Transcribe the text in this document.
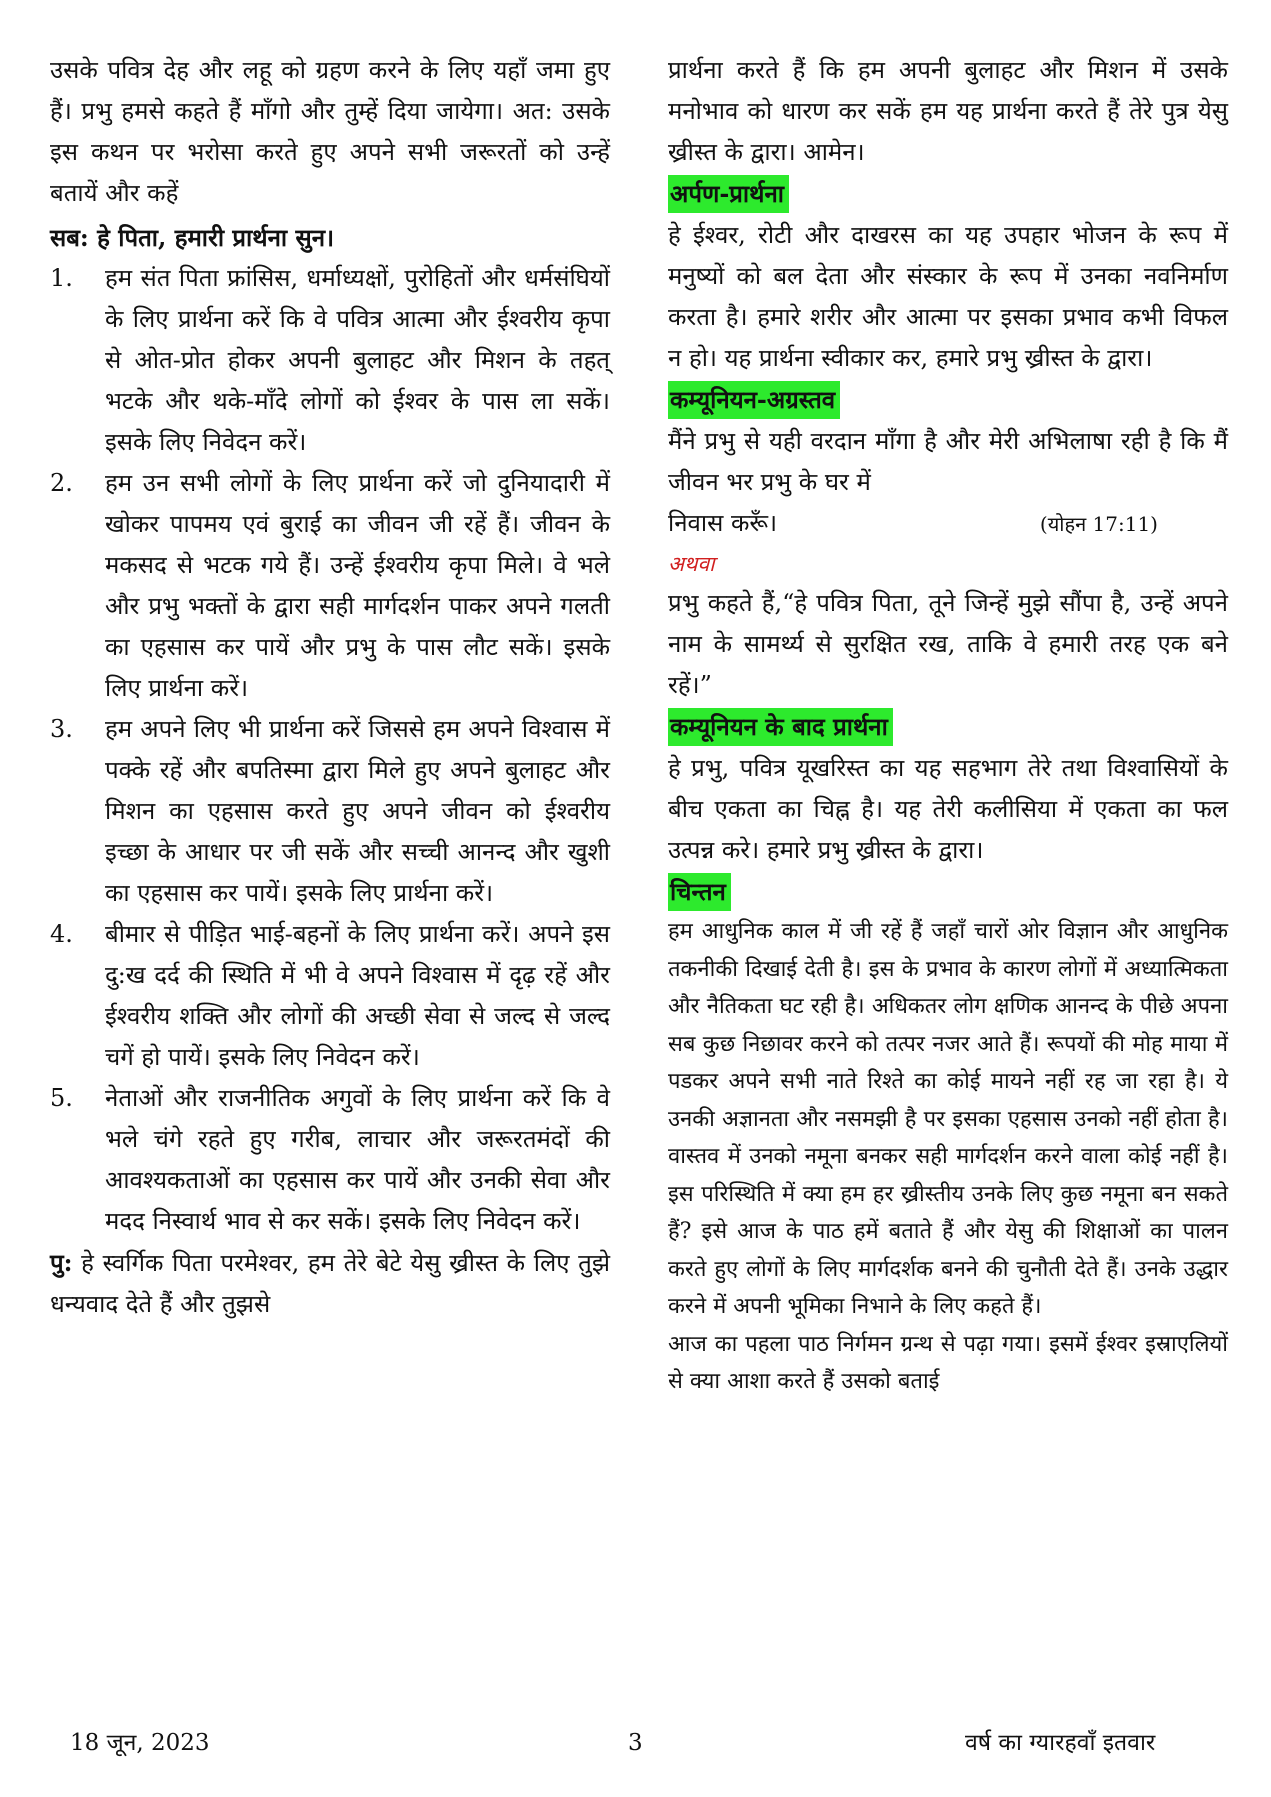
उसके पवित्र देह और लहू को ग्रहण करने के लिए यहाँ जमा हुए हैं। प्रभु हमसे कहते हैं माँगो और तुम्हें दिया जायेगा। अत: उसके इस कथन पर भरोसा करते हुए अपने सभी जरूरतों को उन्हें बतायें और कहें

सब: हे पिता, हमारी प्रार्थना सुन।

1.	हम संत पिता फ्रांसिस, धर्माध्यक्षों, पुरोहितों और धर्मसंघियों के लिए प्रार्थना करें कि वे पवित्र आत्मा और ईश्वरीय कृपा से ओत-प्रोत होकर अपनी बुलाहट और मिशन के तहत् भटके और थके-माँदे लोगों को ईश्वर के पास ला सकें। इसके लिए निवेदन करें।
2.	हम उन सभी लोगों के लिए प्रार्थना करें जो दुनियादारी में खोकर पापमय एवं बुराई का जीवन जी रहें हैं। जीवन के मकसद से भटक गये हैं। उन्हें ईश्वरीय कृपा मिले। वे भले और प्रभु भक्तों के द्वारा सही मार्गदर्शन पाकर अपने गलती का एहसास कर पायें और प्रभु के पास लौट सकें। इसके लिए प्रार्थना करें।
3.	हम अपने लिए भी प्रार्थना करें जिससे हम अपने विश्वास में पक्के रहें और बपतिस्मा द्वारा मिले हुए अपने बुलाहट और मिशन का एहसास करते हुए अपने जीवन को ईश्वरीय इच्छा के आधार पर जी सकें और सच्ची आनन्द और खुशी का एहसास कर पायें। इसके लिए प्रार्थना करें।
4.	बीमार से पीड़ित भाई-बहनों के लिए प्रार्थना करें। अपने इस दु:ख दर्द की स्थिति में भी वे अपने विश्वास में दृढ़ रहें और ईश्वरीय शक्ति और लोगों की अच्छी सेवा से जल्द से जल्द चगें हो पायें। इसके लिए निवेदन करें।
5.	नेताओं और राजनीतिक अगुवों के लिए प्रार्थना करें कि वे भले चंगे रहते हुए गरीब, लाचार और जरूरतमंदों की आवश्यकताओं का एहसास कर पायें और उनकी सेवा और मदद निस्वार्थ भाव से कर सकें। इसके लिए निवेदन करें।

पु: हे स्वर्गिक पिता परमेश्वर, हम तेरे बेटे येसु ख्रीस्त के लिए तुझे धन्यवाद देते हैं और तुझसे

प्रार्थना करते हैं कि हम अपनी बुलाहट और मिशन में उसके मनोभाव को धारण कर सकें हम यह प्रार्थना करते हैं तेरे पुत्र येसु ख्रीस्त के द्वारा। आमेन।

अर्पण-प्रार्थना

हे ईश्वर, रोटी और दाखरस का यह उपहार भोजन के रूप में मनुष्यों को बल देता और संस्कार के रूप में उनका नवनिर्माण करता है। हमारे शरीर और आत्मा पर इसका प्रभाव कभी विफल न हो। यह प्रार्थना स्वीकार कर, हमारे प्रभु ख्रीस्त के द्वारा।

कम्यूनियन-अग्रस्तव

मैंने प्रभु से यही वरदान माँगा है और मेरी अभिलाषा रही है कि मैं जीवन भर प्रभु के घर में

निवास करूँ।	(योहन 17:11)
अथवा

प्रभु कहते हैं,“हे पवित्र पिता, तूने जिन्हें मुझे सौंपा है, उन्हें अपने नाम के सामर्थ्य से सुरक्षित रख, ताकि वे हमारी तरह एक बने रहें।”

कम्यूनियन के बाद प्रार्थना

हे प्रभु, पवित्र यूखरिस्त का यह सहभाग तेरे तथा विश्वासियों के बीच एकता का चिह्न है। यह तेरी कलीसिया में एकता का फल उत्पन्न करे। हमारे प्रभु ख्रीस्त के द्वारा।

चिन्तन

हम आधुनिक काल में जी रहें हैं जहाँ चारों ओर विज्ञान और आधुनिक तकनीकी दिखाई देती है। इस के प्रभाव के कारण लोगों में अध्यात्मिकता और नैतिकता घट रही है। अधिकतर लोग क्षणिक आनन्द के पीछे अपना सब कुछ निछावर करने को तत्पर नजर आते हैं। रूपयों की मोह माया में पडकर अपने सभी नाते रिश्ते का कोई मायने नहीं रह जा रहा है। ये उनकी अज्ञानता और नसमझी है पर इसका एहसास उनको नहीं होता है। वास्तव में उनको नमूना बनकर सही मार्गदर्शन करने वाला कोई नहीं है। इस परिस्थिति में क्या हम हर ख्रीस्तीय उनके लिए कुछ नमूना बन सकते हैं? इसे आज के पाठ हमें बताते हैं और येसु की शिक्षाओं का पालन करते हुए लोगों के लिए मार्गदर्शक बनने की चुनौती देते हैं। उनके उद्धार करने में अपनी भूमिका निभाने के लिए कहते हैं।

आज का पहला पाठ निर्गमन ग्रन्थ से पढ़ा गया। इसमें ईश्वर इस्राएलियों से क्या आशा करते हैं उसको बताई

18 जून, 2023	3	वर्ष का ग्यारहवाँ इतवार
